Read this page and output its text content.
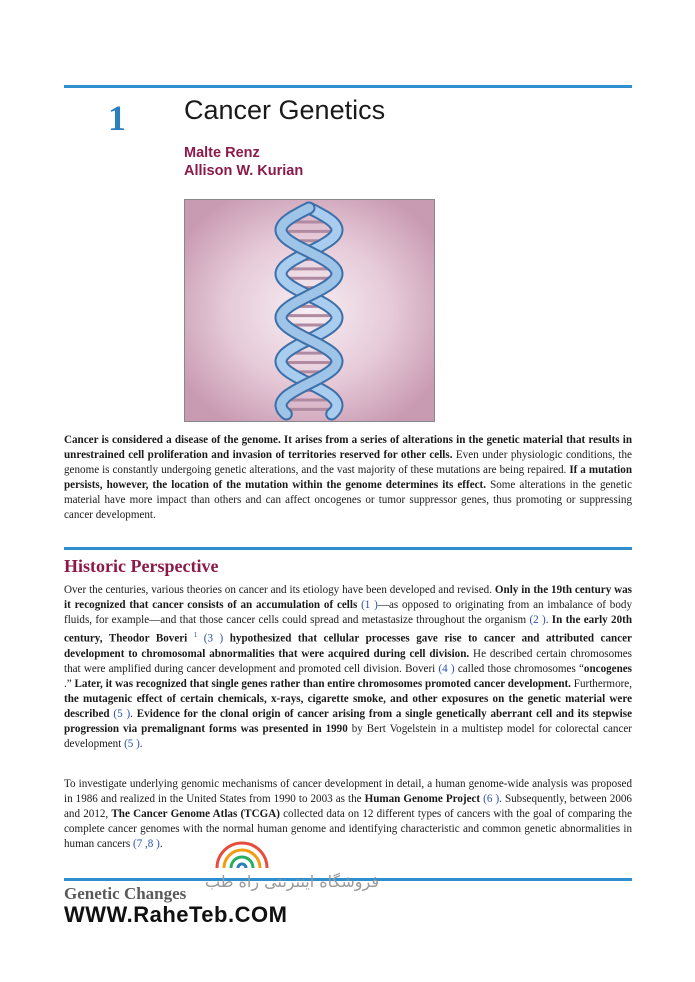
1 Cancer Genetics
Malte Renz
Allison W. Kurian
Cancer is considered a disease of the genome. It arises from a series of alterations in the genetic material that results in unrestrained cell proliferation and invasion of territories reserved for other cells. Even under physiologic conditions, the genome is constantly undergoing genetic alterations, and the vast majority of these mutations are being repaired. If a mutation persists, however, the location of the mutation within the genome determines its effect. Some alterations in the genetic material have more impact than others and can affect oncogenes or tumor suppressor genes, thus promoting or suppressing cancer development.
Historic Perspective
Over the centuries, various theories on cancer and its etiology have been developed and revised. Only in the 19th century was it recognized that cancer consists of an accumulation of cells (1 )—as opposed to originating from an imbalance of body fluids, for example—and that those cancer cells could spread and metastasize throughout the organism (2 ). In the early 20th century, Theodor Boveri $^1$ (3 ) hypothesized that cellular processes gave rise to cancer and attributed cancer development to chromosomal abnormalities that were acquired during cell division. He described certain chromosomes that were amplified during cancer development and promoted cell division. Boveri (4 ) called those chromosomes “oncogenes .” Later, it was recognized that single genes rather than entire chromosomes promoted cancer development. Furthermore, the mutagenic effect of certain chemicals, x-rays, cigarette smoke, and other exposures on the genetic material were described (5 ). Evidence for the clonal origin of cancer arising from a single genetically aberrant cell and its stepwise progression via premalignant forms was presented in 1990 by Bert Vogelstein in a multistep model for colorectal cancer development (5 ).
To investigate underlying genomic mechanisms of cancer development in detail, a human genome-wide analysis was proposed in 1986 and realized in the United States from 1990 to 2003 as the Human Genome Project (6 ). Subsequently, between 2006 and 2012, The Cancer Genome Atlas (TCGA) collected data on 12 different types of cancers with the goal of comparing the complete cancer genomes with the normal human genome and identifying characteristic and common genetic abnormalities in human cancers (7 ,8 ).
Genetic Changes
فروشگاه اینترنتی راه طب
WWW.RaheTeb.COM
